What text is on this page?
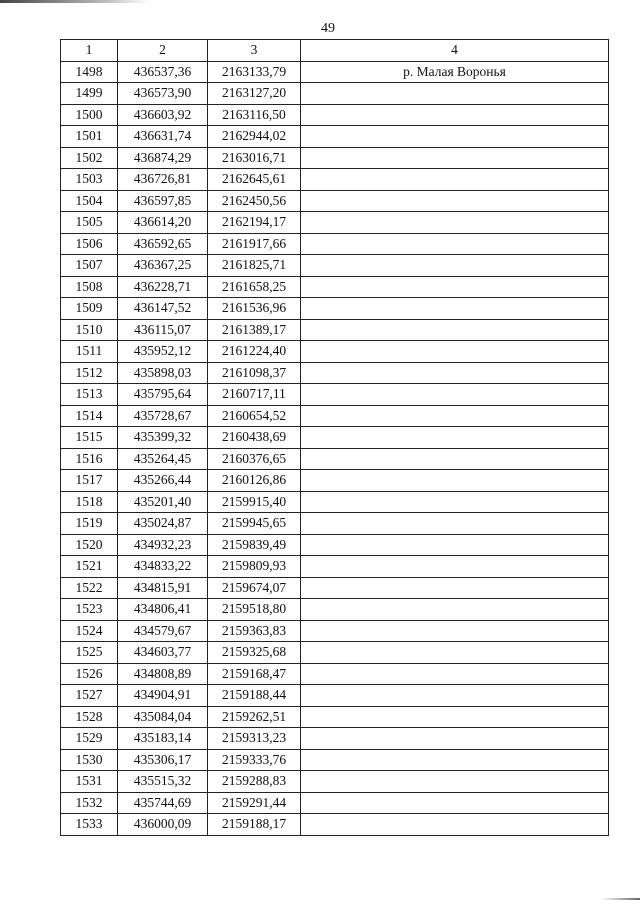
49
1	2	3	4
1498	436537,36	2163133,79	р. Малая Воронья
1499	436573,90	2163127,20	
1500	436603,92	2163116,50	
1501	436631,74	2162944,02	
1502	436874,29	2163016,71	
1503	436726,81	2162645,61	
1504	436597,85	2162450,56	
1505	436614,20	2162194,17	
1506	436592,65	2161917,66	
1507	436367,25	2161825,71	
1508	436228,71	2161658,25	
1509	436147,52	2161536,96	
1510	436115,07	2161389,17	
1511	435952,12	2161224,40	
1512	435898,03	2161098,37	
1513	435795,64	2160717,11	
1514	435728,67	2160654,52	
1515	435399,32	2160438,69	
1516	435264,45	2160376,65	
1517	435266,44	2160126,86	
1518	435201,40	2159915,40	
1519	435024,87	2159945,65	
1520	434932,23	2159839,49	
1521	434833,22	2159809,93	
1522	434815,91	2159674,07	
1523	434806,41	2159518,80	
1524	434579,67	2159363,83	
1525	434603,77	2159325,68	
1526	434808,89	2159168,47	
1527	434904,91	2159188,44	
1528	435084,04	2159262,51	
1529	435183,14	2159313,23	
1530	435306,17	2159333,76	
1531	435515,32	2159288,83	
1532	435744,69	2159291,44	
1533	436000,09	2159188,17	
